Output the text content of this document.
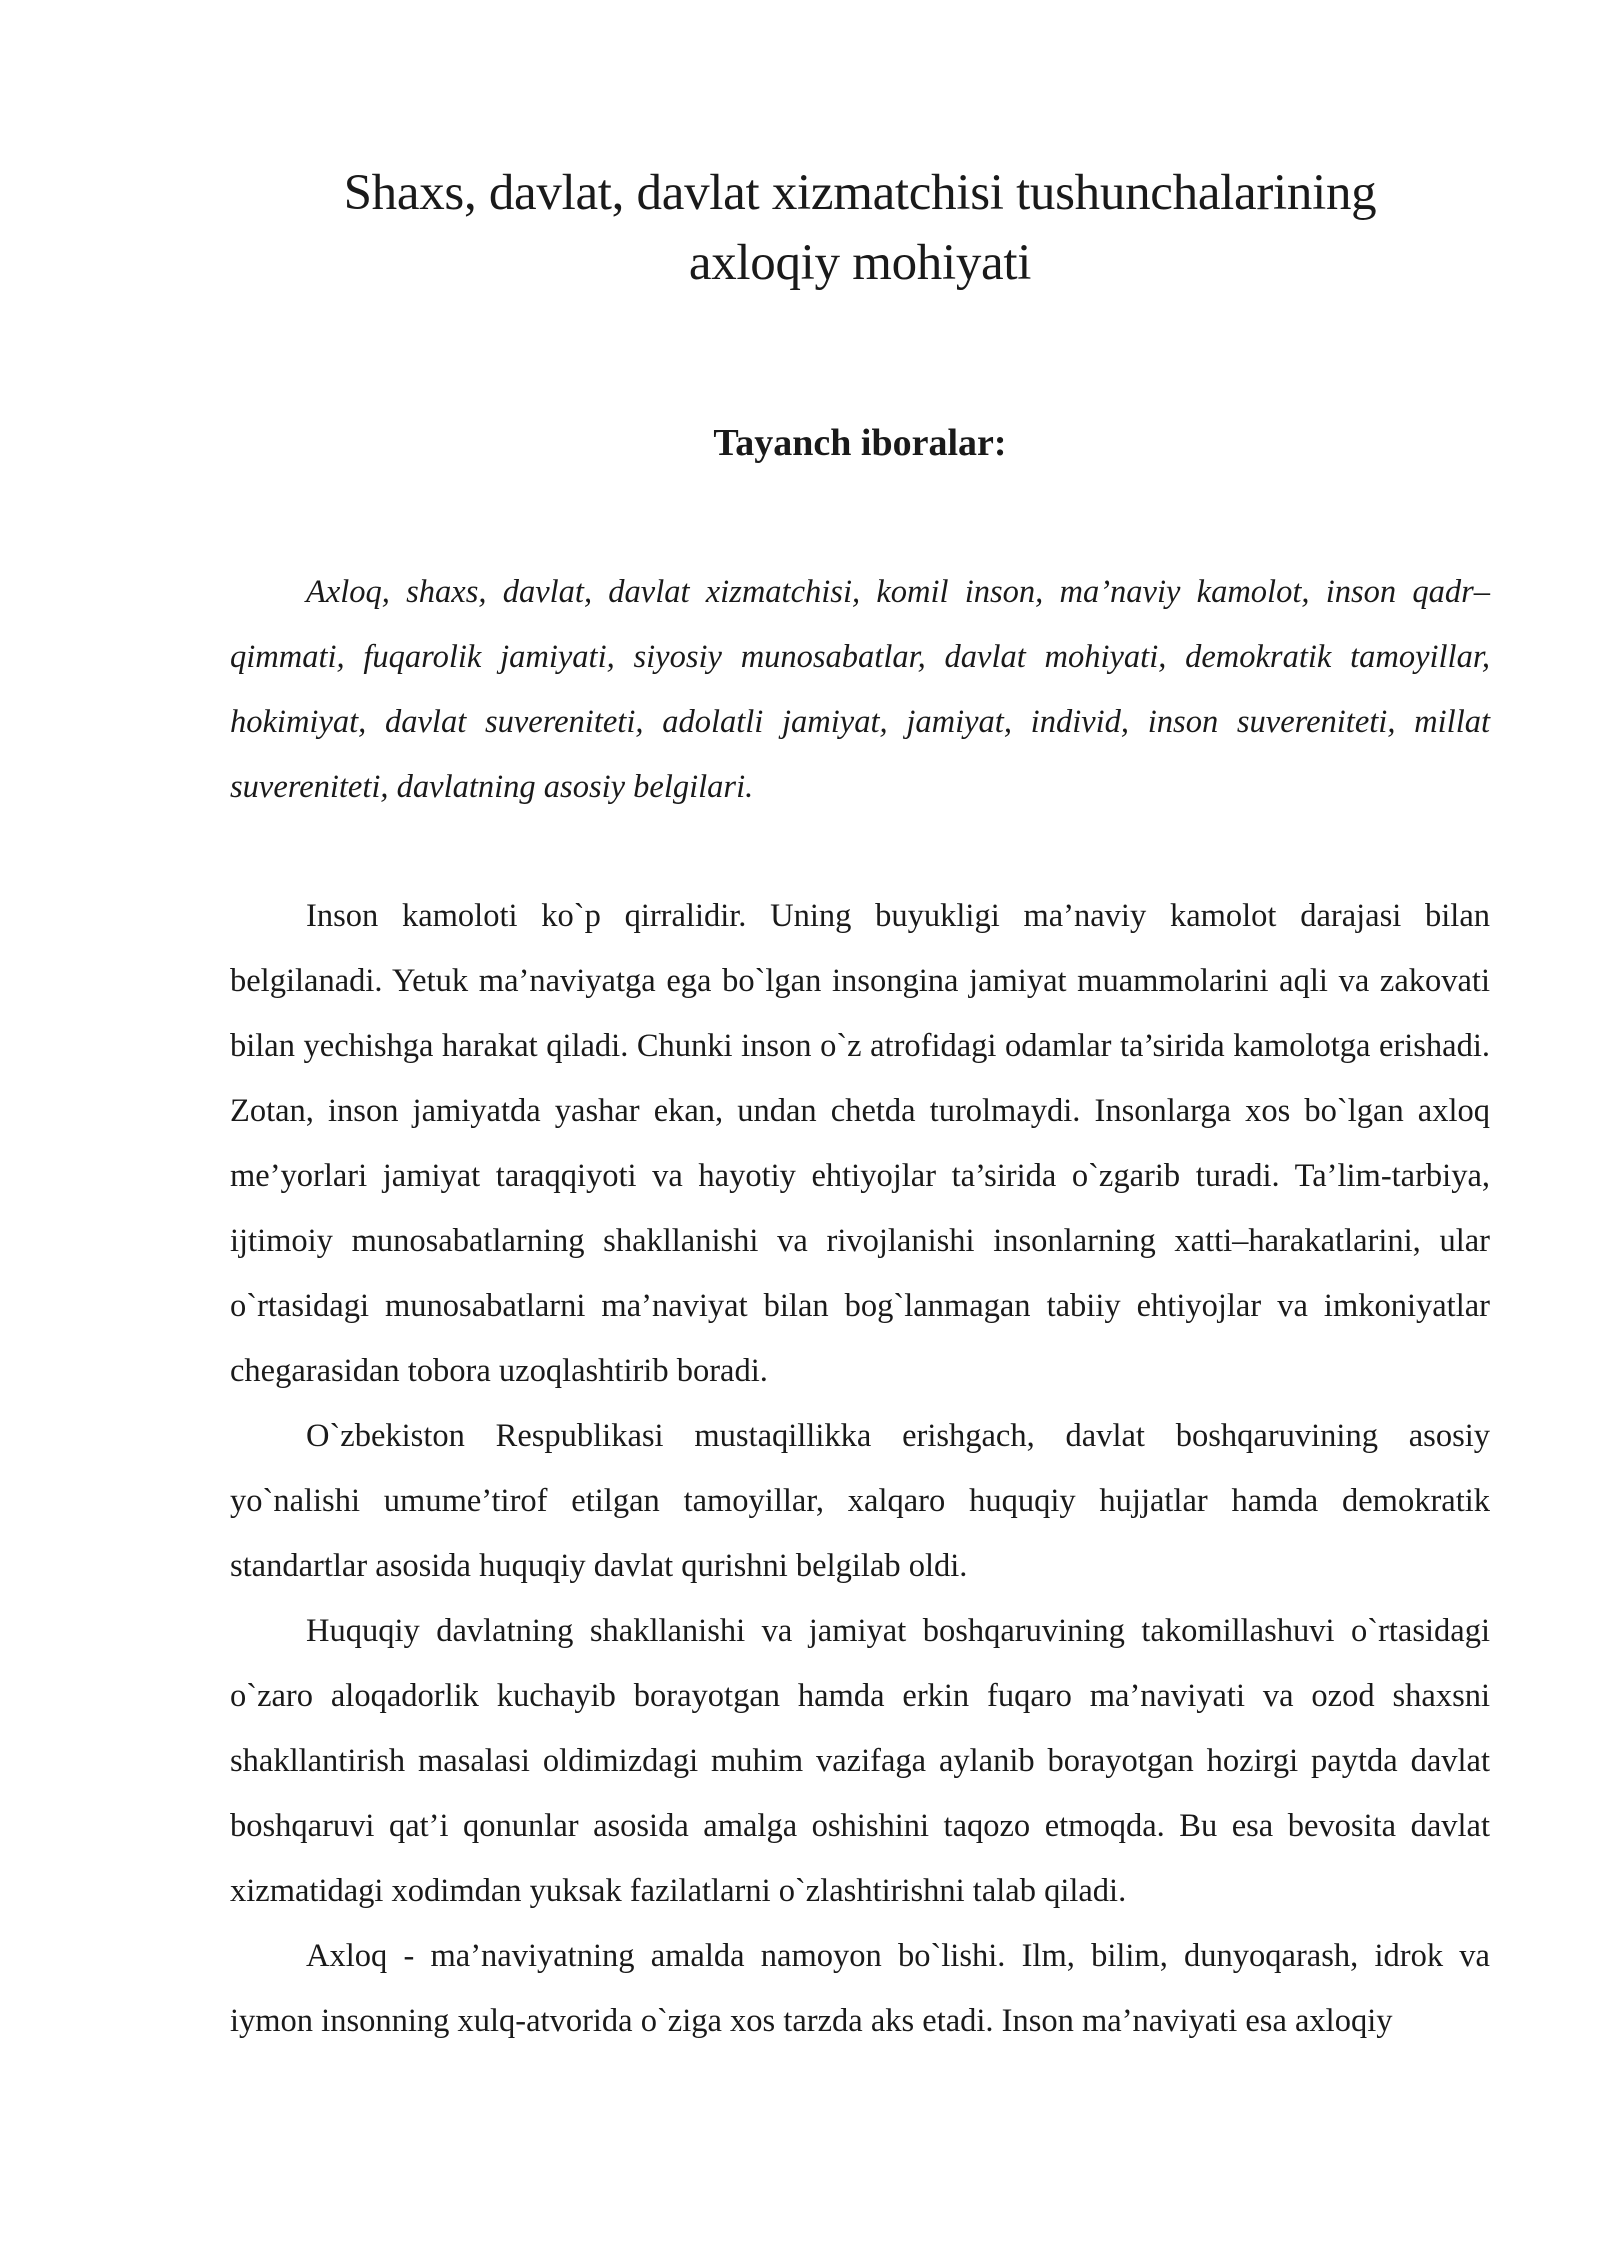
Shaxs, davlat, davlat xizmatchisi tushunchalarining
axloqiy mohiyati
Tayanch iboralar:

Axloq, shaxs, davlat, davlat xizmatchisi, komil inson, ma’naviy kamolot, inson qadr–qimmati, fuqarolik jamiyati, siyosiy munosabatlar, davlat mohiyati, demokratik tamoyillar, hokimiyat, davlat suvereniteti, adolatli jamiyat, jamiyat, individ, inson suvereniteti, millat suvereniteti, davlatning asosiy belgilari.

Inson kamoloti ko`p qirralidir. Uning buyukligi ma’naviy kamolot darajasi bilan belgilanadi. Yetuk ma’naviyatga ega bo`lgan insongina jamiyat muammolarini aqli va zakovati bilan yechishga harakat qiladi. Chunki inson o`z atrofidagi odamlar ta’sirida kamolotga erishadi. Zotan, inson jamiyatda yashar ekan, undan chetda turolmaydi. Insonlarga xos bo`lgan axloq me’yorlari jamiyat taraqqiyoti va hayotiy ehtiyojlar ta’sirida o`zgarib turadi. Ta’lim-tarbiya, ijtimoiy munosabatlarning shakllanishi va rivojlanishi insonlarning xatti–harakatlarini, ular o`rtasidagi munosabatlarni ma’naviyat bilan bog`lanmagan tabiiy ehtiyojlar va imkoniyatlar chegarasidan tobora uzoqlashtirib boradi.

O`zbekiston Respublikasi mustaqillikka erishgach, davlat boshqaruvining asosiy yo`nalishi umume’tirof etilgan tamoyillar, xalqaro huquqiy hujjatlar hamda demokratik standartlar asosida huquqiy davlat qurishni belgilab oldi.

Huquqiy davlatning shakllanishi va jamiyat boshqaruvining takomillashuvi o`rtasidagi o`zaro aloqadorlik kuchayib borayotgan hamda erkin fuqaro ma’naviyati va ozod shaxsni shakllantirish masalasi oldimizdagi muhim vazifaga aylanib borayotgan hozirgi paytda davlat boshqaruvi qat’i qonunlar asosida amalga oshishini taqozo etmoqda. Bu esa bevosita davlat xizmatidagi xodimdan yuksak fazilatlarni o`zlashtirishni talab qiladi.

Axloq - ma’naviyatning amalda namoyon bo`lishi. Ilm, bilim, dunyoqarash, idrok va iymon insonning xulq-atvorida o`ziga xos tarzda aks etadi. Inson ma’naviyati esa axloqiy
